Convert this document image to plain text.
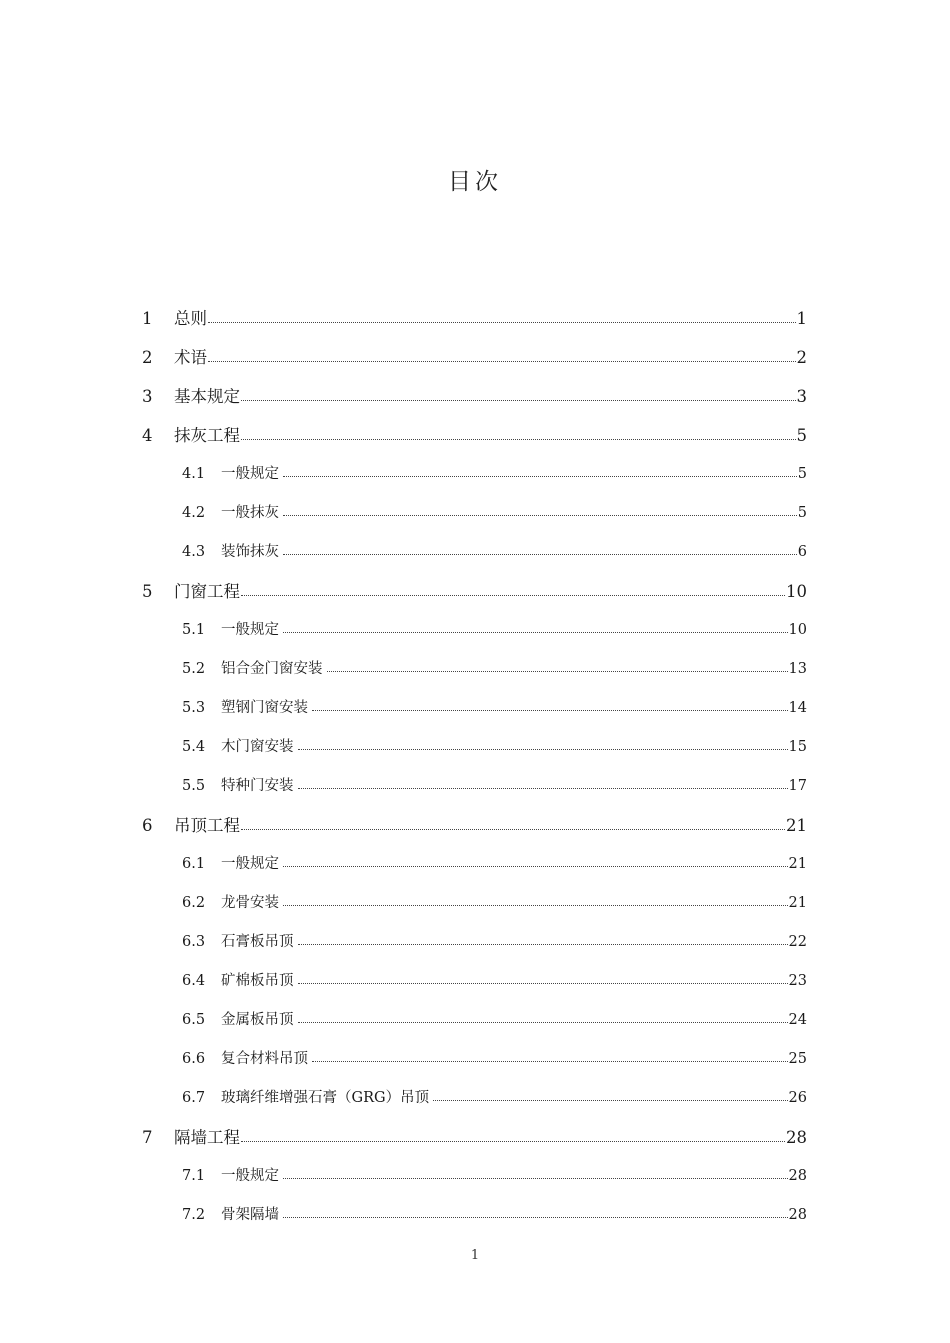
目次
1	总则	1
2	术语	2
3	基本规定	3
4	抹灰工程	5
4.1	一般规定	5
4.2	一般抹灰	5
4.3	装饰抹灰	6
5	门窗工程	10
5.1	一般规定	10
5.2	铝合金门窗安装	13
5.3	塑钢门窗安装	14
5.4	木门窗安装	15
5.5	特种门安装	17
6	吊顶工程	21
6.1	一般规定	21
6.2	龙骨安装	21
6.3	石膏板吊顶	22
6.4	矿棉板吊顶	23
6.5	金属板吊顶	24
6.6	复合材料吊顶	25
6.7	玻璃纤维增强石膏（GRG）吊顶	26
7	隔墙工程	28
7.1	一般规定	28
7.2	骨架隔墙	28
1
